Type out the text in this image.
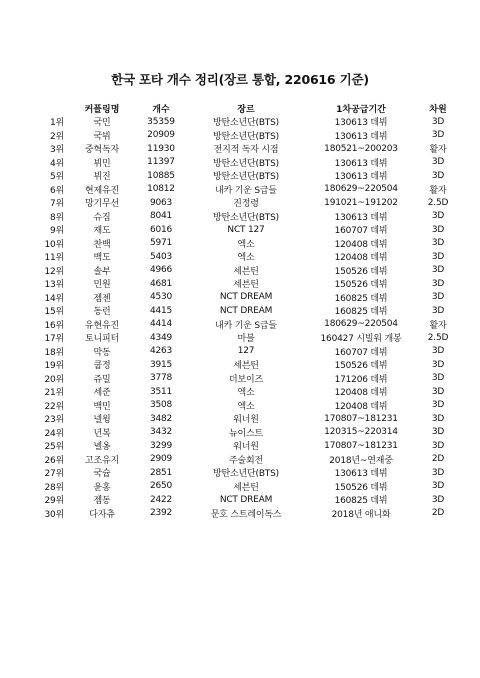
한국 포타 개수 정리(장르 통합, 220616 기준)
	커플링명	개수	장르	1차공급기간	차원
1위	국민	35359	방탄소년단(BTS)	130613 데뷔	3D
2위	국뷔	20909	방탄소년단(BTS)	130613 데뷔	3D
3위	중혁독자	11930	전지적 독자 시점	180521~200203	활자
4위	뷔민	11397	방탄소년단(BTS)	130613 데뷔	3D
5위	뷔진	10885	방탄소년단(BTS)	130613 데뷔	3D
6위	현제유진	10812	내카 기운 S급들	180629~220504	활자
7위	망기무선	9063	진정령	191021~191202	2.5D
8위	슈짐	8041	방탄소년단(BTS)	130613 데뷔	3D
9위	재도	6016	NCT 127	160707 데뷔	3D
10위	찬백	5971	엑소	120408 데뷔	3D
11위	백도	5403	엑소	120408 데뷔	3D
12위	솔부	4966	세븐틴	150526 데뷔	3D
13위	민원	4681	세븐틴	150526 데뷔	3D
14위	젬젠	4530	NCT DREAM	160825 데뷔	3D
15위	동런	4415	NCT DREAM	160825 데뷔	3D
16위	유현유진	4414	내카 기운 S급들	180629~220504	활자
17위	토니피터	4349	마블	160427 시빌워 개봉	2.5D
18위	막동	4263	127	160707 데뷔	3D
19위	쿱정	3915	세븐틴	150526 데뷔	3D
20위	쥬밀	3778	더보이즈	171206 데뷔	3D
21위	세준	3511	엑소	120408 데뷔	3D
22위	백민	3508	엑소	120408 데뷔	3D
23위	넬윙	3482	워너원	170807~181231	3D
24위	년복	3432	뉴이스트	120315~220314	3D
25위	녤옹	3299	워너원	170807~181231	3D
26위	고조유지	2909	주술회전	2018년~연재중	2D
27위	국슙	2851	방탄소년단(BTS)	130613 데뷔	3D
28위	윤홍	2650	세븐틴	150526 데뷔	3D
29위	젬동	2422	NCT DREAM	160825 데뷔	3D
30위	다자츄	2392	문호 스트레이독스	2018년 애니화	2D
